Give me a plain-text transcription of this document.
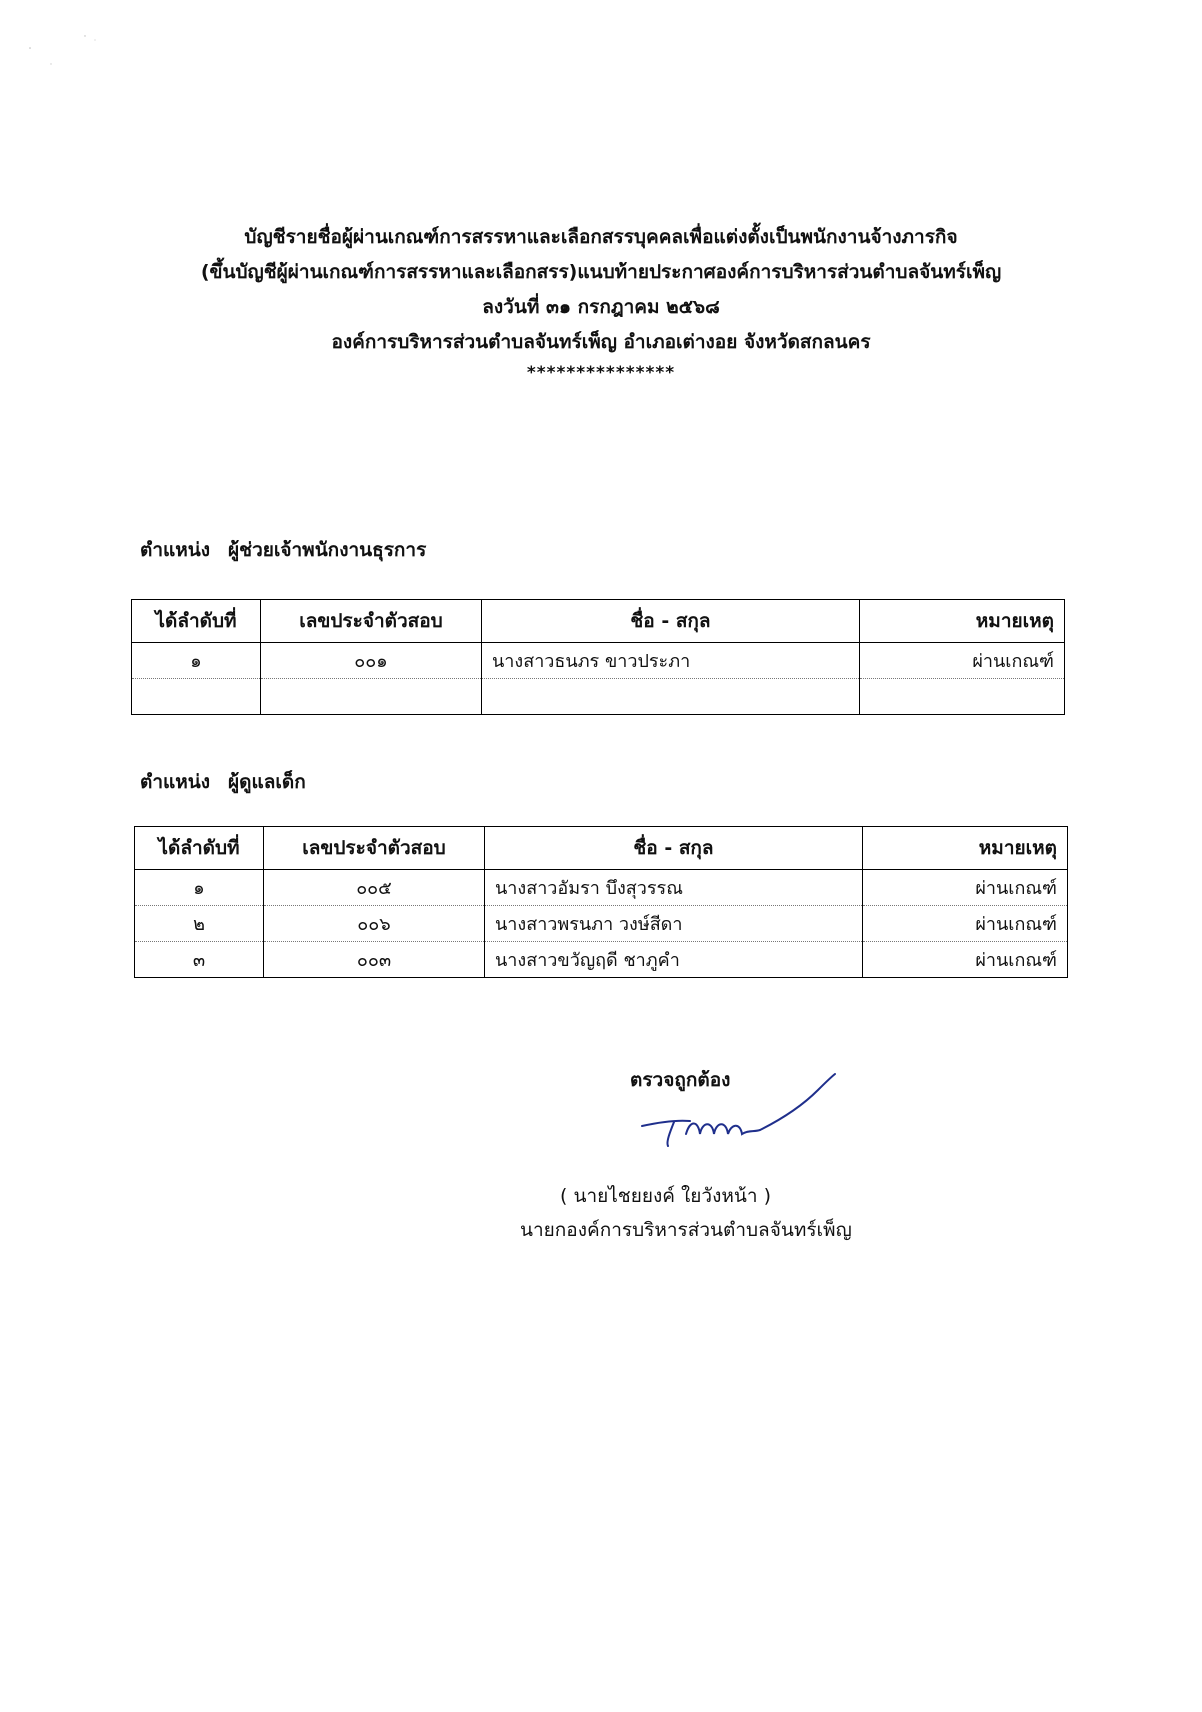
บัญชีรายชื่อผู้ผ่านเกณฑ์การสรรหาและเลือกสรรบุคคลเพื่อแต่งตั้งเป็นพนักงานจ้างภารกิจ
(ขึ้นบัญชีผู้ผ่านเกณฑ์การสรรหาและเลือกสรร)แนบท้ายประกาศองค์การบริหารส่วนตำบลจันทร์เพ็ญ
ลงวันที่ ๓๑ กรกฎาคม ๒๕๖๘
องค์การบริหารส่วนตำบลจันทร์เพ็ญ อำเภอเต่างอย จังหวัดสกลนคร
***************
ตำแหน่ง ผู้ช่วยเจ้าพนักงานธุรการ
ได้ลำดับที่	เลขประจำตัวสอบ	ชื่อ - สกุล	หมายเหตุ
๑	๐๐๑	นางสาวธนภร ขาวประภา	ผ่านเกณฑ์

ตำแหน่ง ผู้ดูแลเด็ก
ได้ลำดับที่	เลขประจำตัวสอบ	ชื่อ - สกุล	หมายเหตุ
๑	๐๐๕	นางสาวอัมรา บึงสุวรรณ	ผ่านเกณฑ์
๒	๐๐๖	นางสาวพรนภา วงษ์สีดา	ผ่านเกณฑ์
๓	๐๐๓	นางสาวขวัญฤดี ชาภูคำ	ผ่านเกณฑ์
ตรวจถูกต้อง
( นายไชยยงค์ ใยวังหน้า )
นายกองค์การบริหารส่วนตำบลจันทร์เพ็ญ
